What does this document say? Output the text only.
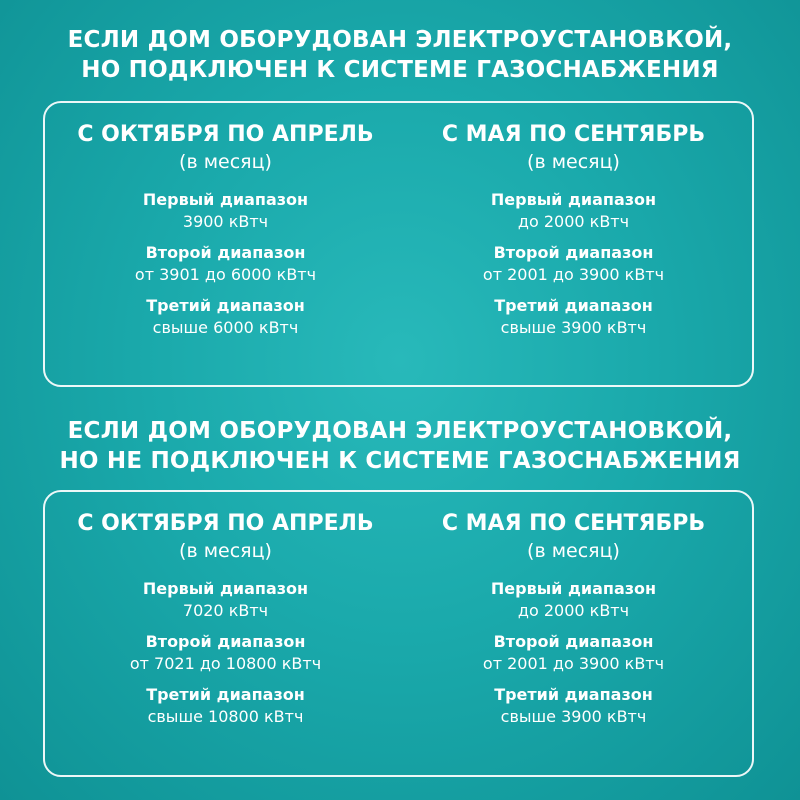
ЕСЛИ ДОМ ОБОРУДОВАН ЭЛЕКТРОУСТАНОВКОЙ,
НО ПОДКЛЮЧЕН К СИСТЕМЕ ГАЗОСНАБЖЕНИЯ

С ОКТЯБРЯ ПО АПРЕЛЬ

(в месяц)

Первый диапазон
3900 кВтч
Второй диапазон
от 3901 до 6000 кВтч
Третий диапазон
свыше 6000 кВтч

С МАЯ ПО СЕНТЯБРЬ

(в месяц)

Первый диапазон
до 2000 кВтч
Второй диапазон
от 2001 до 3900 кВтч
Третий диапазон
свыше 3900 кВтч
ЕСЛИ ДОМ ОБОРУДОВАН ЭЛЕКТРОУСТАНОВКОЙ,
НО НЕ ПОДКЛЮЧЕН К СИСТЕМЕ ГАЗОСНАБЖЕНИЯ

С ОКТЯБРЯ ПО АПРЕЛЬ

(в месяц)

Первый диапазон
7020 кВтч
Второй диапазон
от 7021 до 10800 кВтч
Третий диапазон
свыше 10800 кВтч

С МАЯ ПО СЕНТЯБРЬ

(в месяц)

Первый диапазон
до 2000 кВтч
Второй диапазон
от 2001 до 3900 кВтч
Третий диапазон
свыше 3900 кВтч
